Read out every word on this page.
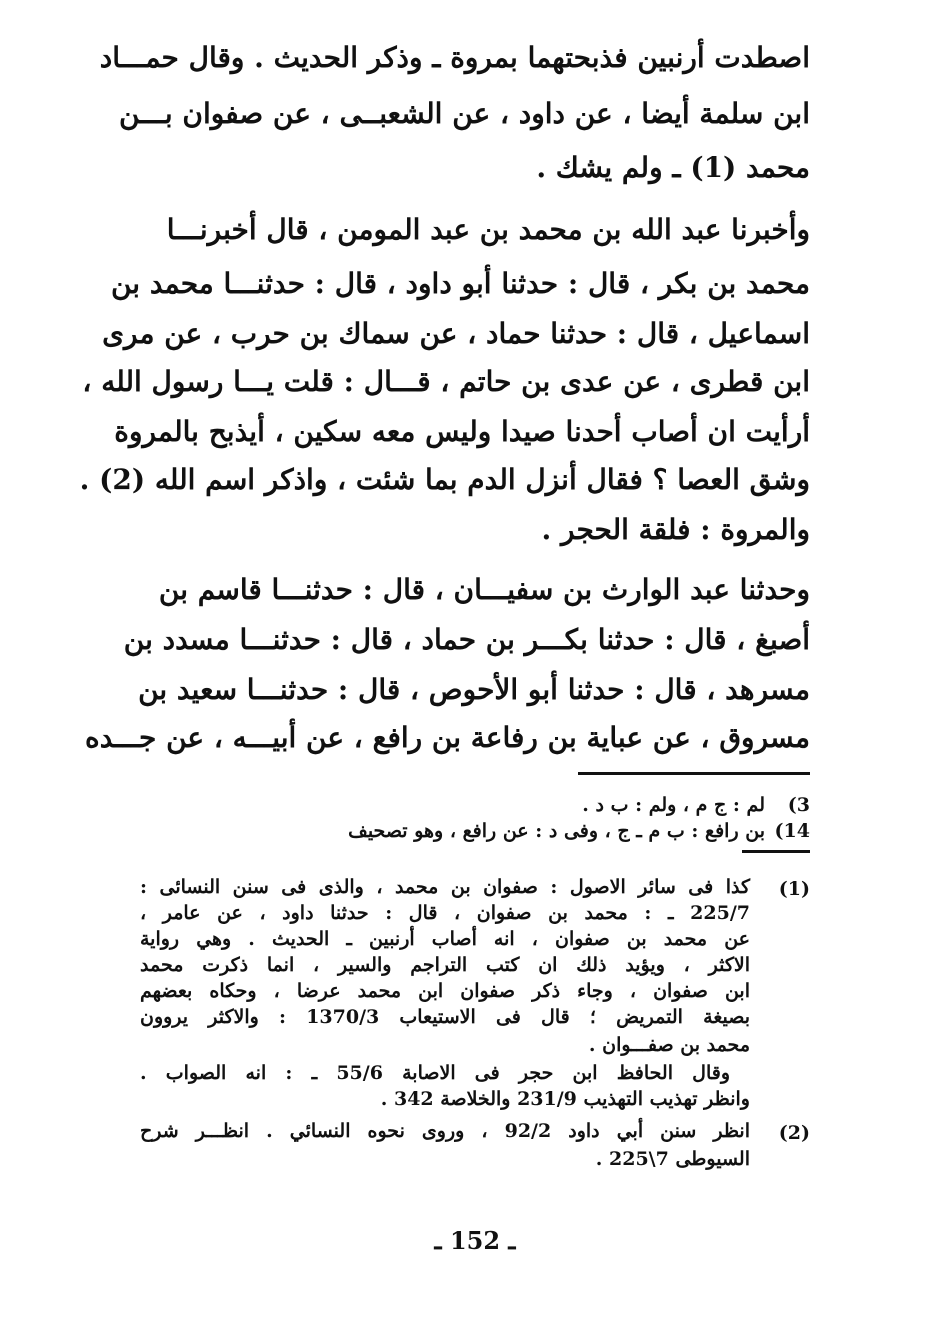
اصطدت أرنبين فذبحتهما بمروة ـ وذكر الحديث . وقال حمـــاد
ابن سلمة أيضا ، عن داود ، عن الشعبــى ، عن صفوان بـــن
محمد (1) ـ ولم يشك .
وأخبرنا عبد الله بن محمد بن عبد المومن ، قال أخبرنـــا
محمد بن بكر ، قال : حدثنا أبو داود ، قال : حدثنـــا محمد بن
اسماعيل ، قال : حدثنا حماد ، عن سماك بن حرب ، عن مرى
ابن قطرى ، عن عدى بن حاتم ، قـــال : قلت يـــا رسول الله ،
أرأيت ان أصاب أحدنا صيدا وليس معه سكين ، أيذبح بالمروة
وشق العصا ؟ فقال أنزل الدم بما شئت ، واذكر اسم الله (2) .
والمروة : فلقة الحجر .
وحدثنا عبد الوارث بن سفيـــان ، قال : حدثنـــا قاسم بن
أصبغ ، قال : حدثنا بكـــر بن حماد ، قال : حدثنـــا مسدد بن
مسرهد ، قال : حدثنا أبو الأحوص ، قال : حدثنـــا سعيد بن
مسروق ، عن عباية بن رفاعة بن رافع ، عن أبيـــه ، عن جـــده
3)
لم : ج م ، ولم : ب د .
14)
بن رافع : ب م ـ ج ، وفى د : عن رافع ، وهو تصحيف
(1)
كذا فى سائر الاصول : صفوان بن محمد ، والذى فى سنن النسائى :
225/7 ـ : محمد بن صفوان ، قال : حدثنا داود ، عن عامر ،
عن محمد بن صفوان ، انه أصاب أرنبين ـ الحديث . وهي رواية
الاكثر ، ويؤيد ذلك ان كتب التراجم والسير ، انما ذكرت محمد
ابن صفوان ، وجاء ذكر صفوان ابن محمد عرضا ، وحكاه بعضهم
بصيغة التمريض ؛ قال فى الاستيعاب 1370/3 : والاكثر يروون
محمد بن صفـــوان .
وقال الحافظ ابن حجر فى الاصابة 55/6 ـ : انه الصواب .
وانظر تهذيب التهذيب 231/9 والخلاصة 342 .
(2)
انظر سنن أبي داود 92/2 ، وروى نحوه النسائي . انظـــر شرح
السيوطى 7\225 .
ـ 152 ـ
